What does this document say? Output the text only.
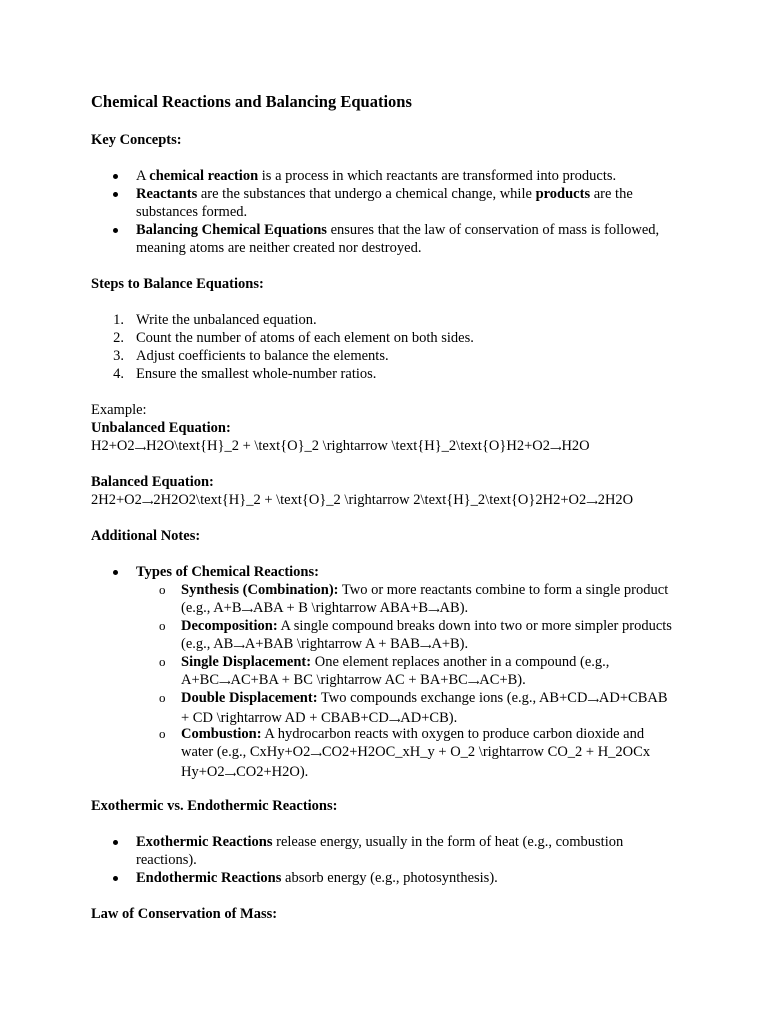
Chemical Reactions and Balancing Equations
Key Concepts:
A chemical reaction is a process in which reactants are transformed into products.
Reactants are the substances that undergo a chemical change, while products are the substances formed.
Balancing Chemical Equations ensures that the law of conservation of mass is followed, meaning atoms are neither created nor destroyed.
Steps to Balance Equations:
1. Write the unbalanced equation.
2. Count the number of atoms of each element on both sides.
3. Adjust coefficients to balance the elements.
4. Ensure the smallest whole-number ratios.
Example:
Unbalanced Equation:
H2+O2⟶H2O\text{H}_2 + \text{O}_2 \rightarrow \text{H}_2\text{O}H2+O2⟶H2O
Balanced Equation:
2H2+O2⟶2H2O2\text{H}_2 + \text{O}_2 \rightarrow 2\text{H}_2\text{O}2H2+O2⟶2H2O
Additional Notes:
Types of Chemical Reactions:
o Synthesis (Combination): Two or more reactants combine to form a single product (e.g., A+B⟶ABA + B \rightarrow ABA+B⟶AB).
o Decomposition: A single compound breaks down into two or more simpler products (e.g., AB⟶A+BAB \rightarrow A + BAB⟶A+B).
o Single Displacement: One element replaces another in a compound (e.g., A+BC⟶AC+BA + BC \rightarrow AC + BA+BC⟶AC+B).
o Double Displacement: Two compounds exchange ions (e.g., AB+CD⟶AD+CBAB + CD \rightarrow AD + CBAB+CD⟶AD+CB).
o Combustion: A hydrocarbon reacts with oxygen to produce carbon dioxide and water (e.g., CxHy+O2⟶CO2+H2OC_xH_y + O_2 \rightarrow CO_2 + H_2OCx Hy+O2⟶CO2+H2O).
Exothermic vs. Endothermic Reactions:
Exothermic Reactions release energy, usually in the form of heat (e.g., combustion reactions).
Endothermic Reactions absorb energy (e.g., photosynthesis).
Law of Conservation of Mass:
